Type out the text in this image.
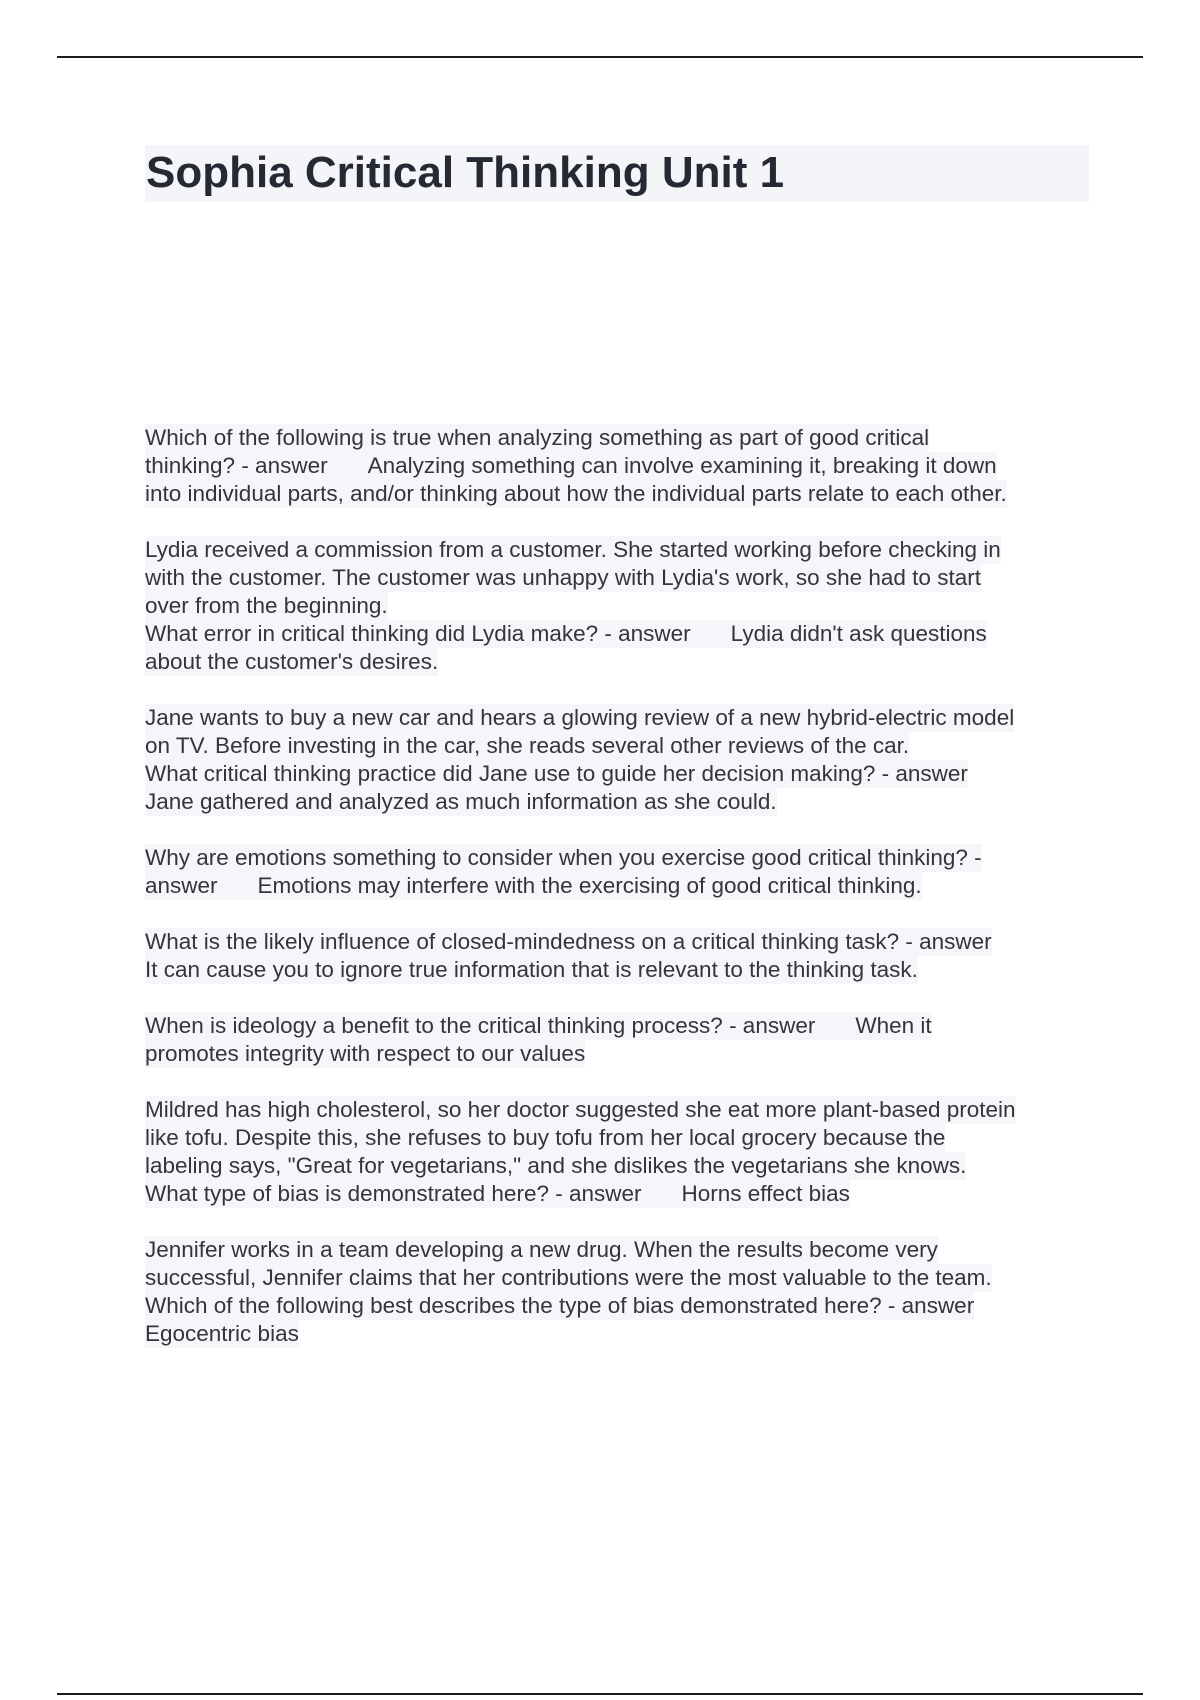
Sophia Critical Thinking Unit 1

Which of the following is true when analyzing something as part of good critical
thinking? - answer Analyzing something can involve examining it, breaking it down
into individual parts, and/or thinking about how the individual parts relate to each other.

Lydia received a commission from a customer. She started working before checking in
with the customer. The customer was unhappy with Lydia's work, so she had to start
over from the beginning.
What error in critical thinking did Lydia make? - answer Lydia didn't ask questions
about the customer's desires.

Jane wants to buy a new car and hears a glowing review of a new hybrid-electric model
on TV. Before investing in the car, she reads several other reviews of the car.
What critical thinking practice did Jane use to guide her decision making? - answer
Jane gathered and analyzed as much information as she could.

Why are emotions something to consider when you exercise good critical thinking? -
answer Emotions may interfere with the exercising of good critical thinking.

What is the likely influence of closed-mindedness on a critical thinking task? - answer
It can cause you to ignore true information that is relevant to the thinking task.

When is ideology a benefit to the critical thinking process? - answer When it
promotes integrity with respect to our values

Mildred has high cholesterol, so her doctor suggested she eat more plant-based protein
like tofu. Despite this, she refuses to buy tofu from her local grocery because the
labeling says, "Great for vegetarians," and she dislikes the vegetarians she knows.
What type of bias is demonstrated here? - answer Horns effect bias

Jennifer works in a team developing a new drug. When the results become very
successful, Jennifer claims that her contributions were the most valuable to the team.
Which of the following best describes the type of bias demonstrated here? - answer
Egocentric bias
